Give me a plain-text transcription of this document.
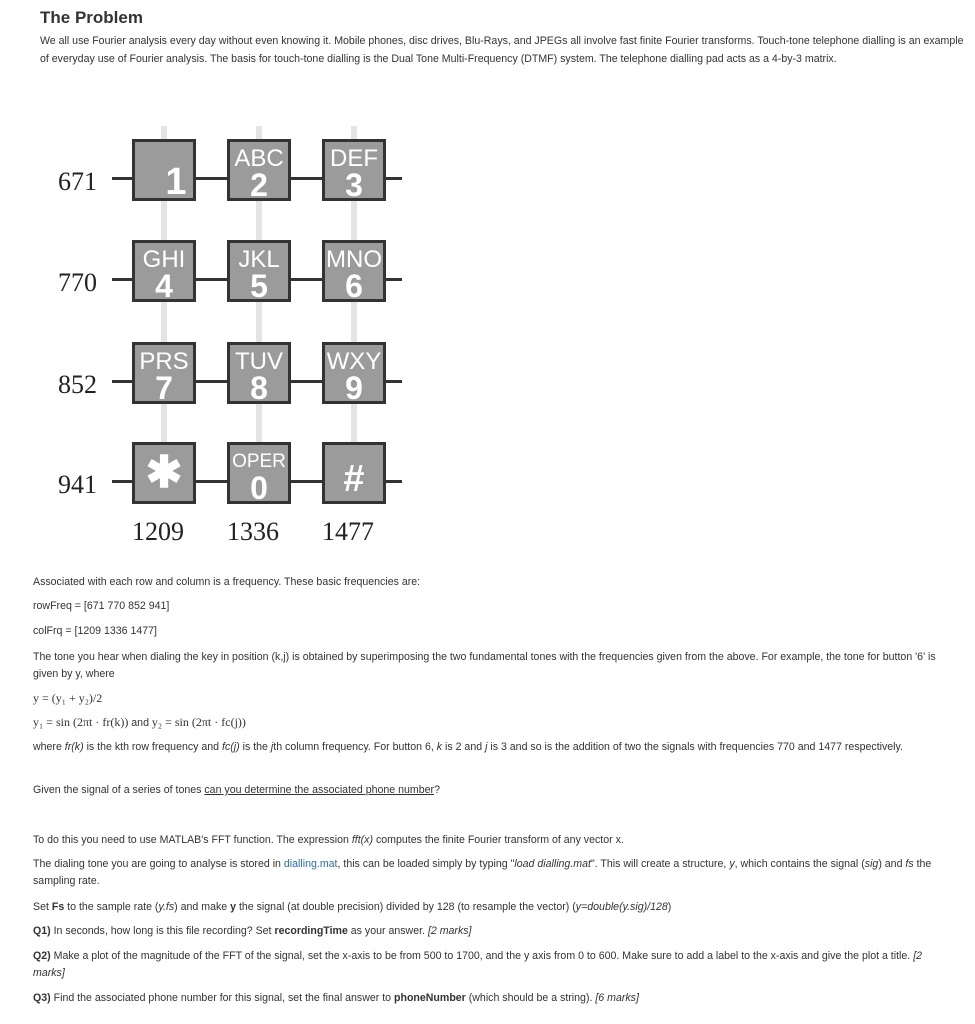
The Problem
We all use Fourier analysis every day without even knowing it. Mobile phones, disc drives, Blu-Rays, and JPEGs all involve fast finite Fourier transforms. Touch-tone telephone dialling is an example of everyday use of Fourier analysis. The basis for touch-tone dialling is the Dual Tone Multi-Frequency (DTMF) system. The telephone dialling pad acts as a 4-by-3 matrix.
1
ABC
2
DEF
3
GHI
4
JKL
5
MNO
6
PRS
7
TUV
8
WXY
9
✱	OPER
0 #
671
770
852
941
1209 1336 1477
Associated with each row and column is a frequency. These basic frequencies are:
rowFreq = [671 770 852 941]
colFrq = [1209 1336 1477]
The tone you hear when dialing the key in position (k,j) is obtained by superimposing the two fundamental tones with the frequencies given from the above. For example, the tone for button '6' is given by y, where
y = (y₁ + y₂)/2
y₁ = sin (2πt · fr(k)) and y₂ = sin (2πt · fc(j))
where fr(k) is the kth row frequency and fc(j) is the jth column frequency. For button 6, k is 2 and j is 3 and so is the addition of two the signals with frequencies 770 and 1477 respectively.
Given the signal of a series of tones can you determine the associated phone number?
To do this you need to use MATLAB's FFT function. The expression fft(x) computes the finite Fourier transform of any vector x.
The dialing tone you are going to analyse is stored in dialling.mat, this can be loaded simply by typing "load dialling.mat". This will create a structure, y, which contains the signal (sig) and fs the sampling rate.
Set Fs to the sample rate (y.fs) and make y the signal (at double precision) divided by 128 (to resample the vector) (y=double(y.sig)/128)
Q1) In seconds, how long is this file recording? Set recordingTime as your answer. [2 marks]
Q2) Make a plot of the magnitude of the FFT of the signal, set the x-axis to be from 500 to 1700, and the y axis from 0 to 600. Make sure to add a label to the x-axis and give the plot a title. [2 marks]
Q3) Find the associated phone number for this signal, set the final answer to phoneNumber (which should be a string). [6 marks]
